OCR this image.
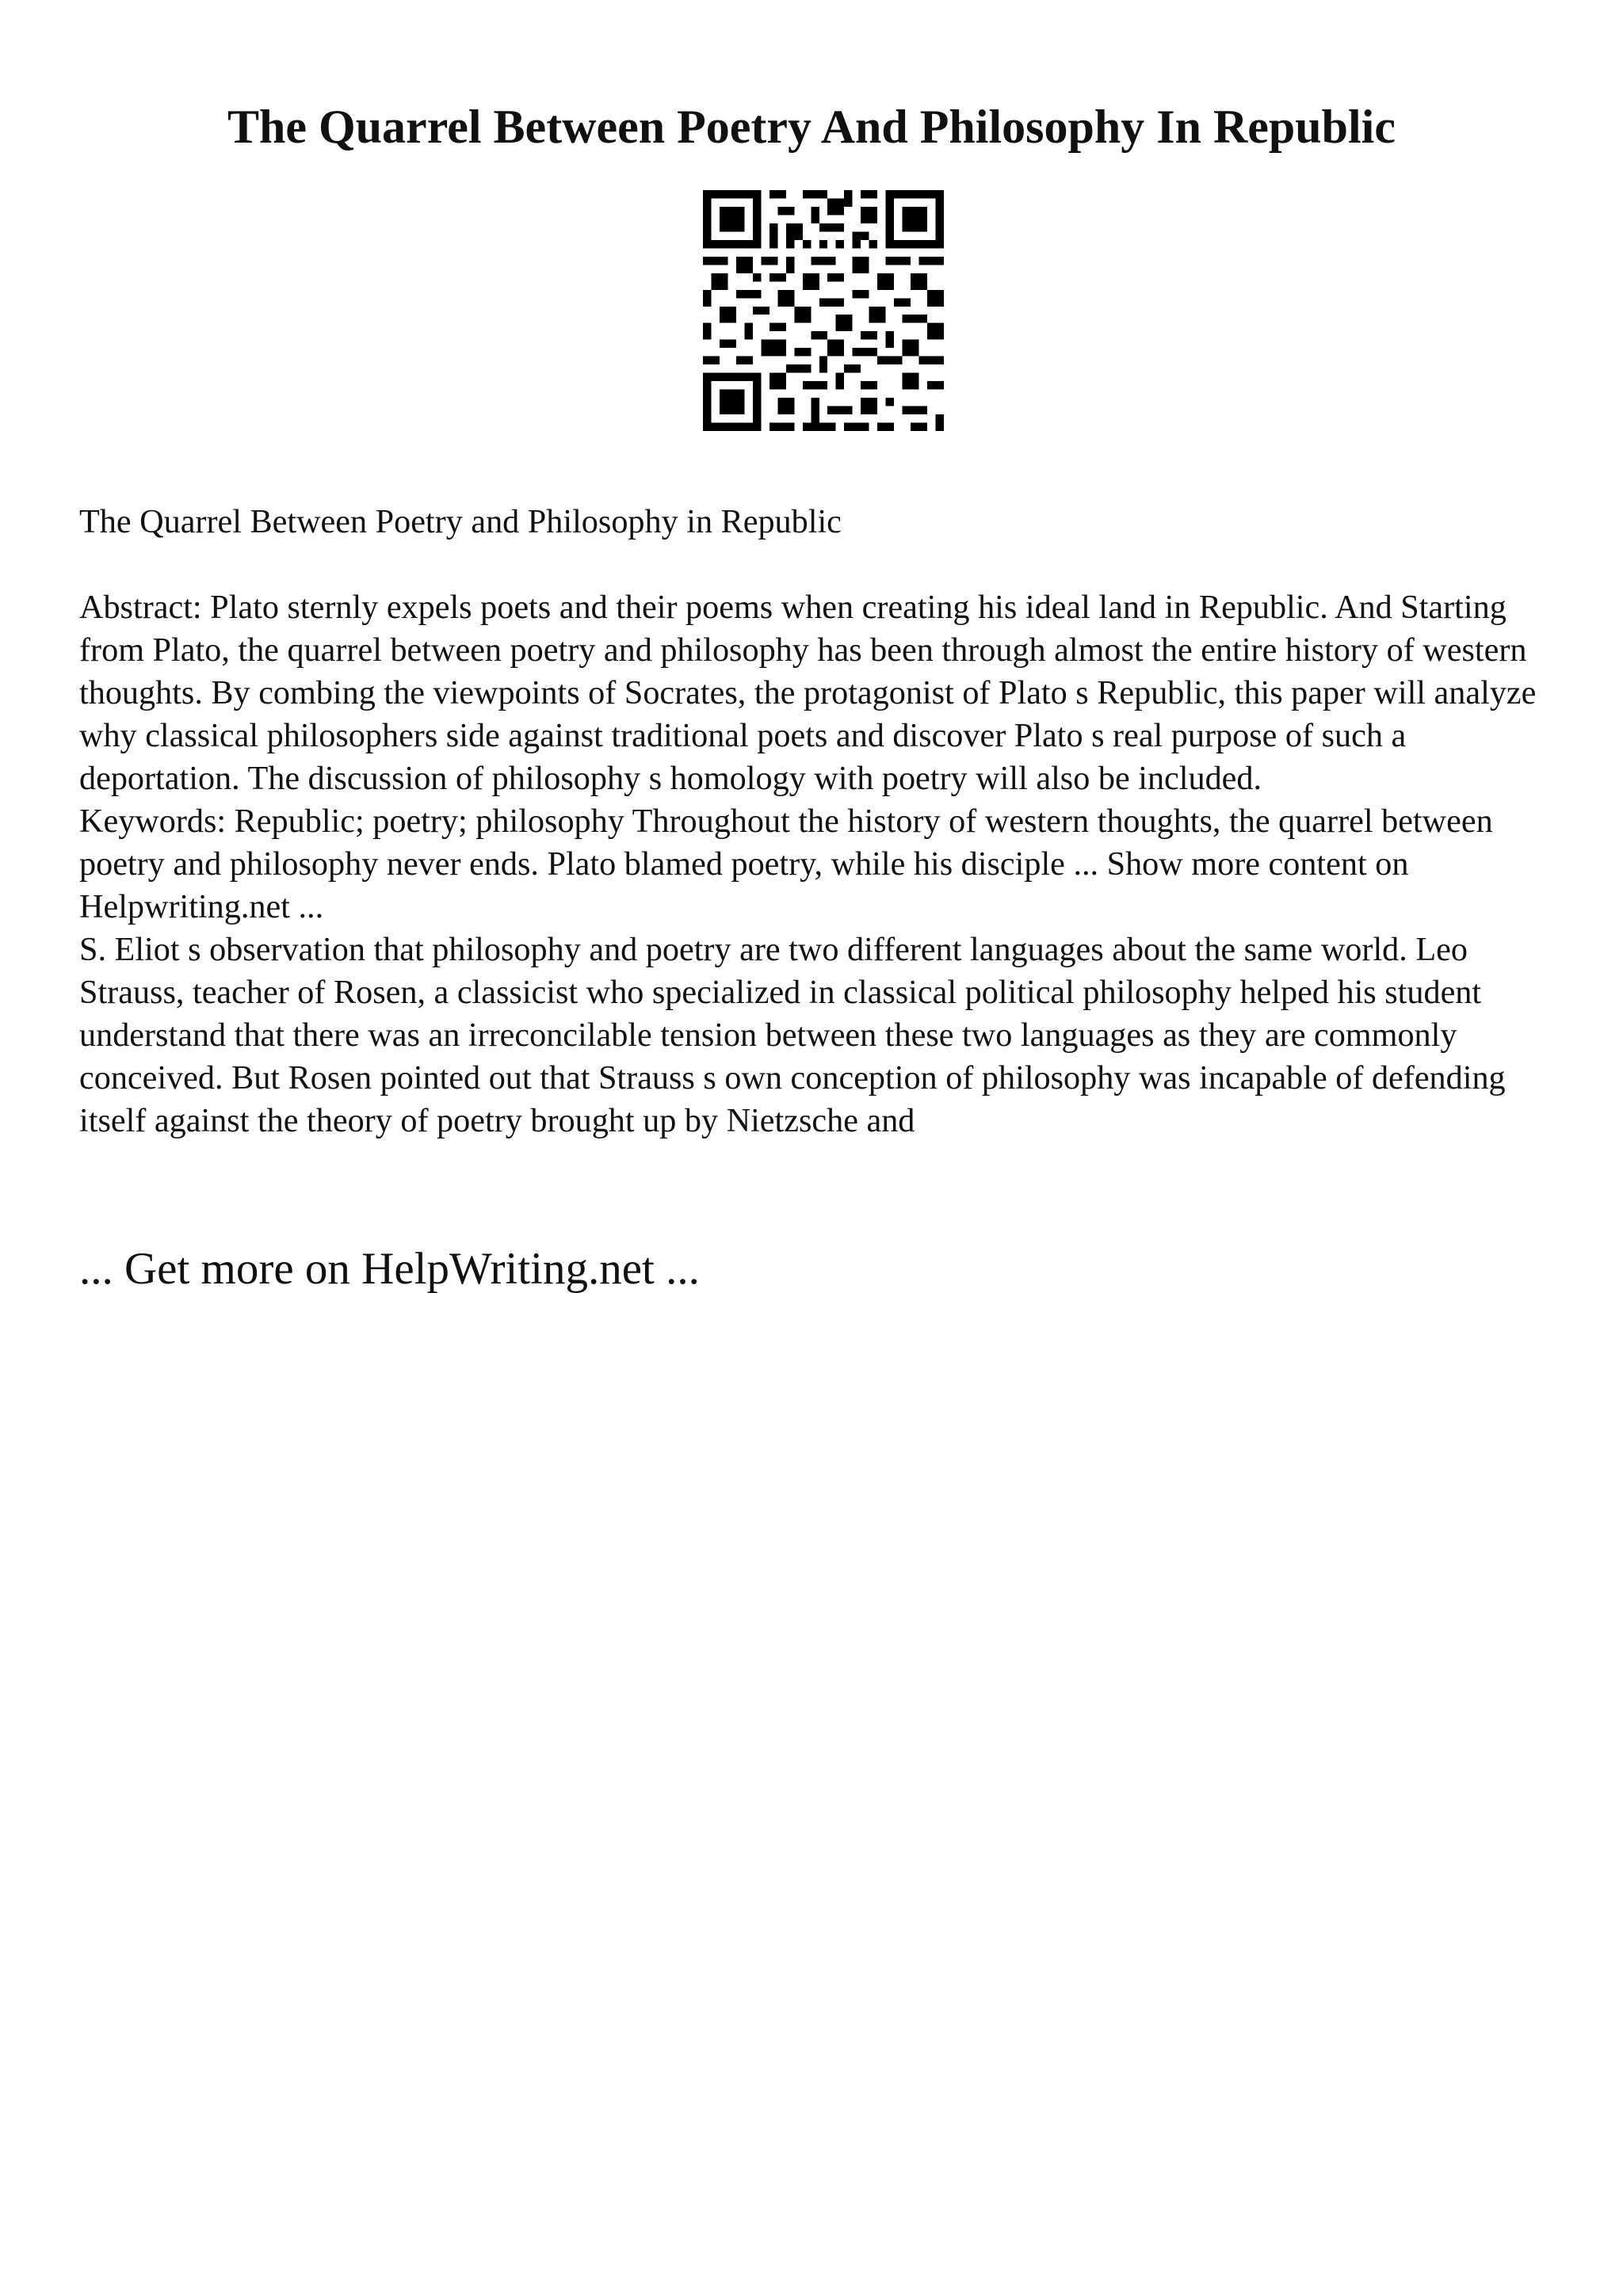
The Quarrel Between Poetry And Philosophy In Republic

The Quarrel Between Poetry and Philosophy in Republic

Abstract: Plato sternly expels poets and their poems when creating his ideal land in Republic. And Starting from Plato, the quarrel between poetry and philosophy has been through almost the entire history of western thoughts. By combing the viewpoints of Socrates, the protagonist of Plato s Republic, this paper will analyze why classical philosophers side against traditional poets and discover Plato s real purpose of such a deportation. The discussion of philosophy s homology with poetry will also be included.

Keywords: Republic; poetry; philosophy Throughout the history of western thoughts, the quarrel between poetry and philosophy never ends. Plato blamed poetry, while his disciple ... Show more content on Helpwriting.net ...

S. Eliot s observation that philosophy and poetry are two different languages about the same world. Leo Strauss, teacher of Rosen, a classicist who specialized in classical political philosophy helped his student understand that there was an irreconcilable tension between these two languages as they are commonly conceived. But Rosen pointed out that Strauss s own conception of philosophy was incapable of defending itself against the theory of poetry brought up by Nietzsche and

... Get more on HelpWriting.net ...
